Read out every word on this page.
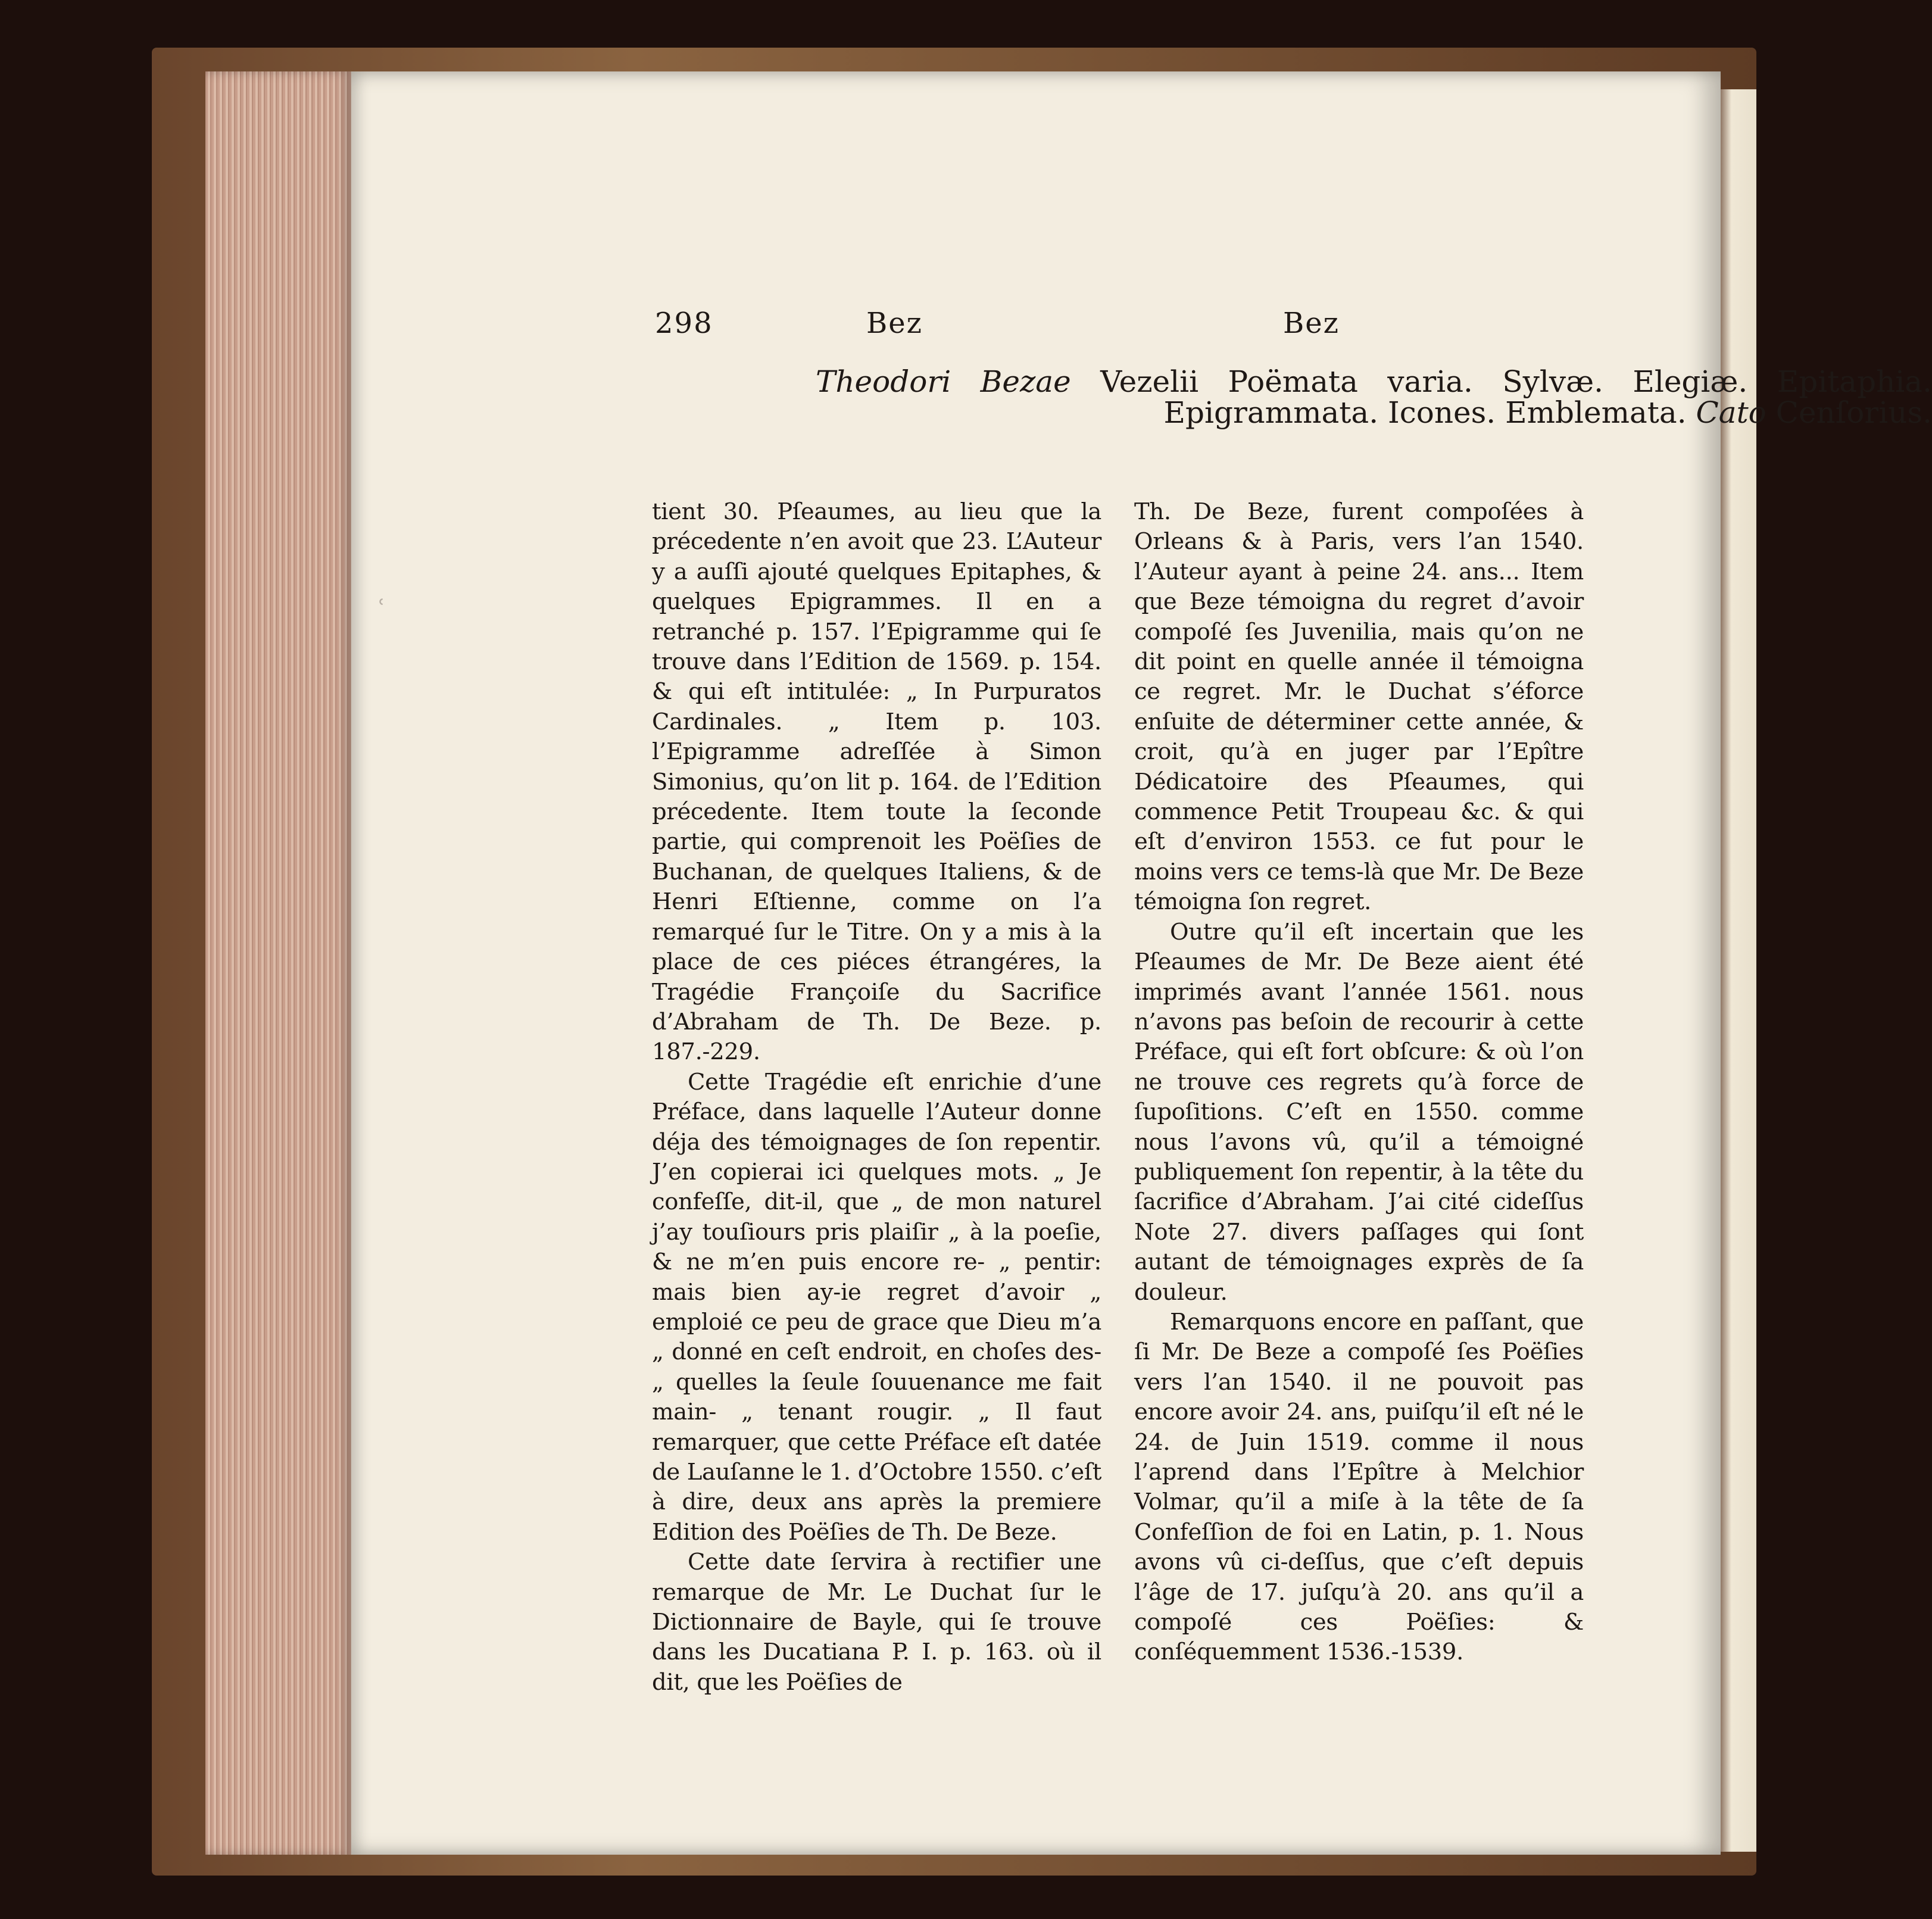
298	Bez	Bez
Theodori Bezae Vezelii Poëmata varia. Sylvæ. Elegiæ. Epitaphia. Epigrammata. Icones. Emblemata. Cato Cenſorius.
ʿ

tient 30. Pſeaumes, au lieu que la précedente n’en avoit que 23. L’Auteur y a auſſi ajouté quelques Epitaphes, & quelques Epigrammes. Il en a retranché p. 157. l’Epigramme qui ſe trouve dans l’Edition de 1569. p. 154. & qui eſt intitulée: „ In Purpuratos Cardinales. „ Item p. 103. l’Epigramme adreſſée à Simon Simonius, qu’on lit p. 164. de l’Edition précedente. Item toute la ſeconde partie, qui comprenoit les Poëſies de Buchanan, de quelques Italiens, & de Henri Eſtienne, comme on l’a remarqué ſur le Titre. On y a mis à la place de ces piéces étrangéres, la Tragédie Françoiſe du Sacrifice d’Abraham de Th. De Beze. p. 187.-229.

Cette Tragédie eſt enrichie d’une Préface, dans laquelle l’Auteur donne déja des témoignages de ſon repentir. J’en copierai ici quelques mots. „ Je confeſſe, dit-il, que „ de mon naturel j’ay touſiours pris plaiſir „ à la poeſie, & ne m’en puis encore re- „ pentir: mais bien ay-ie regret d’avoir „ emploié ce peu de grace que Dieu m’a „ donné en ceſt endroit, en choſes des- „ quelles la ſeule ſouuenance me fait main- „ tenant rougir. „ Il faut remarquer, que cette Préface eſt datée de Lauſanne le 1. d’Octobre 1550. c’eſt à dire, deux ans après la premiere Edition des Poëſies de Th. De Beze.

Cette date ſervira à rectifier une remarque de Mr. Le Duchat ſur le Dictionnaire de Bayle, qui ſe trouve dans les Ducatiana P. I. p. 163. où il dit, que les Poëſies de

Th. De Beze, furent compoſées à Orleans & à Paris, vers l’an 1540. l’Auteur ayant à peine 24. ans... Item que Beze témoigna du regret d’avoir compoſé ſes Juvenilia, mais qu’on ne dit point en quelle année il témoigna ce regret. Mr. le Duchat s’éforce enſuite de déterminer cette année, & croit, qu’à en juger par l’Epître Dédicatoire des Pſeaumes, qui commence Petit Troupeau &c. & qui eſt d’environ 1553. ce fut pour le moins vers ce tems-là que Mr. De Beze témoigna ſon regret.

Outre qu’il eſt incertain que les Pſeaumes de Mr. De Beze aient été imprimés avant l’année 1561. nous n’avons pas beſoin de recourir à cette Préface, qui eſt fort obſcure: & où l’on ne trouve ces regrets qu’à force de ſupoſitions. C’eſt en 1550. comme nous l’avons vû, qu’il a témoigné publiquement ſon repentir, à la tête du ſacrifice d’Abraham. J’ai cité cideſſus Note 27. divers paſſages qui ſont autant de témoignages exprès de ſa douleur.

Remarquons encore en paſſant, que ſi Mr. De Beze a compoſé ſes Poëſies vers l’an 1540. il ne pouvoit pas encore avoir 24. ans, puiſqu’il eſt né le 24. de Juin 1519. comme il nous l’aprend dans l’Epître à Melchior Volmar, qu’il a miſe à la tête de ſa Confeſſion de foi en Latin, p. 1. Nous avons vû ci-deſſus, que c’eſt depuis l’âge de 17. juſqu’à 20. ans qu’il a compoſé ces Poëſies: & conſéquemment 1536.-1539.
